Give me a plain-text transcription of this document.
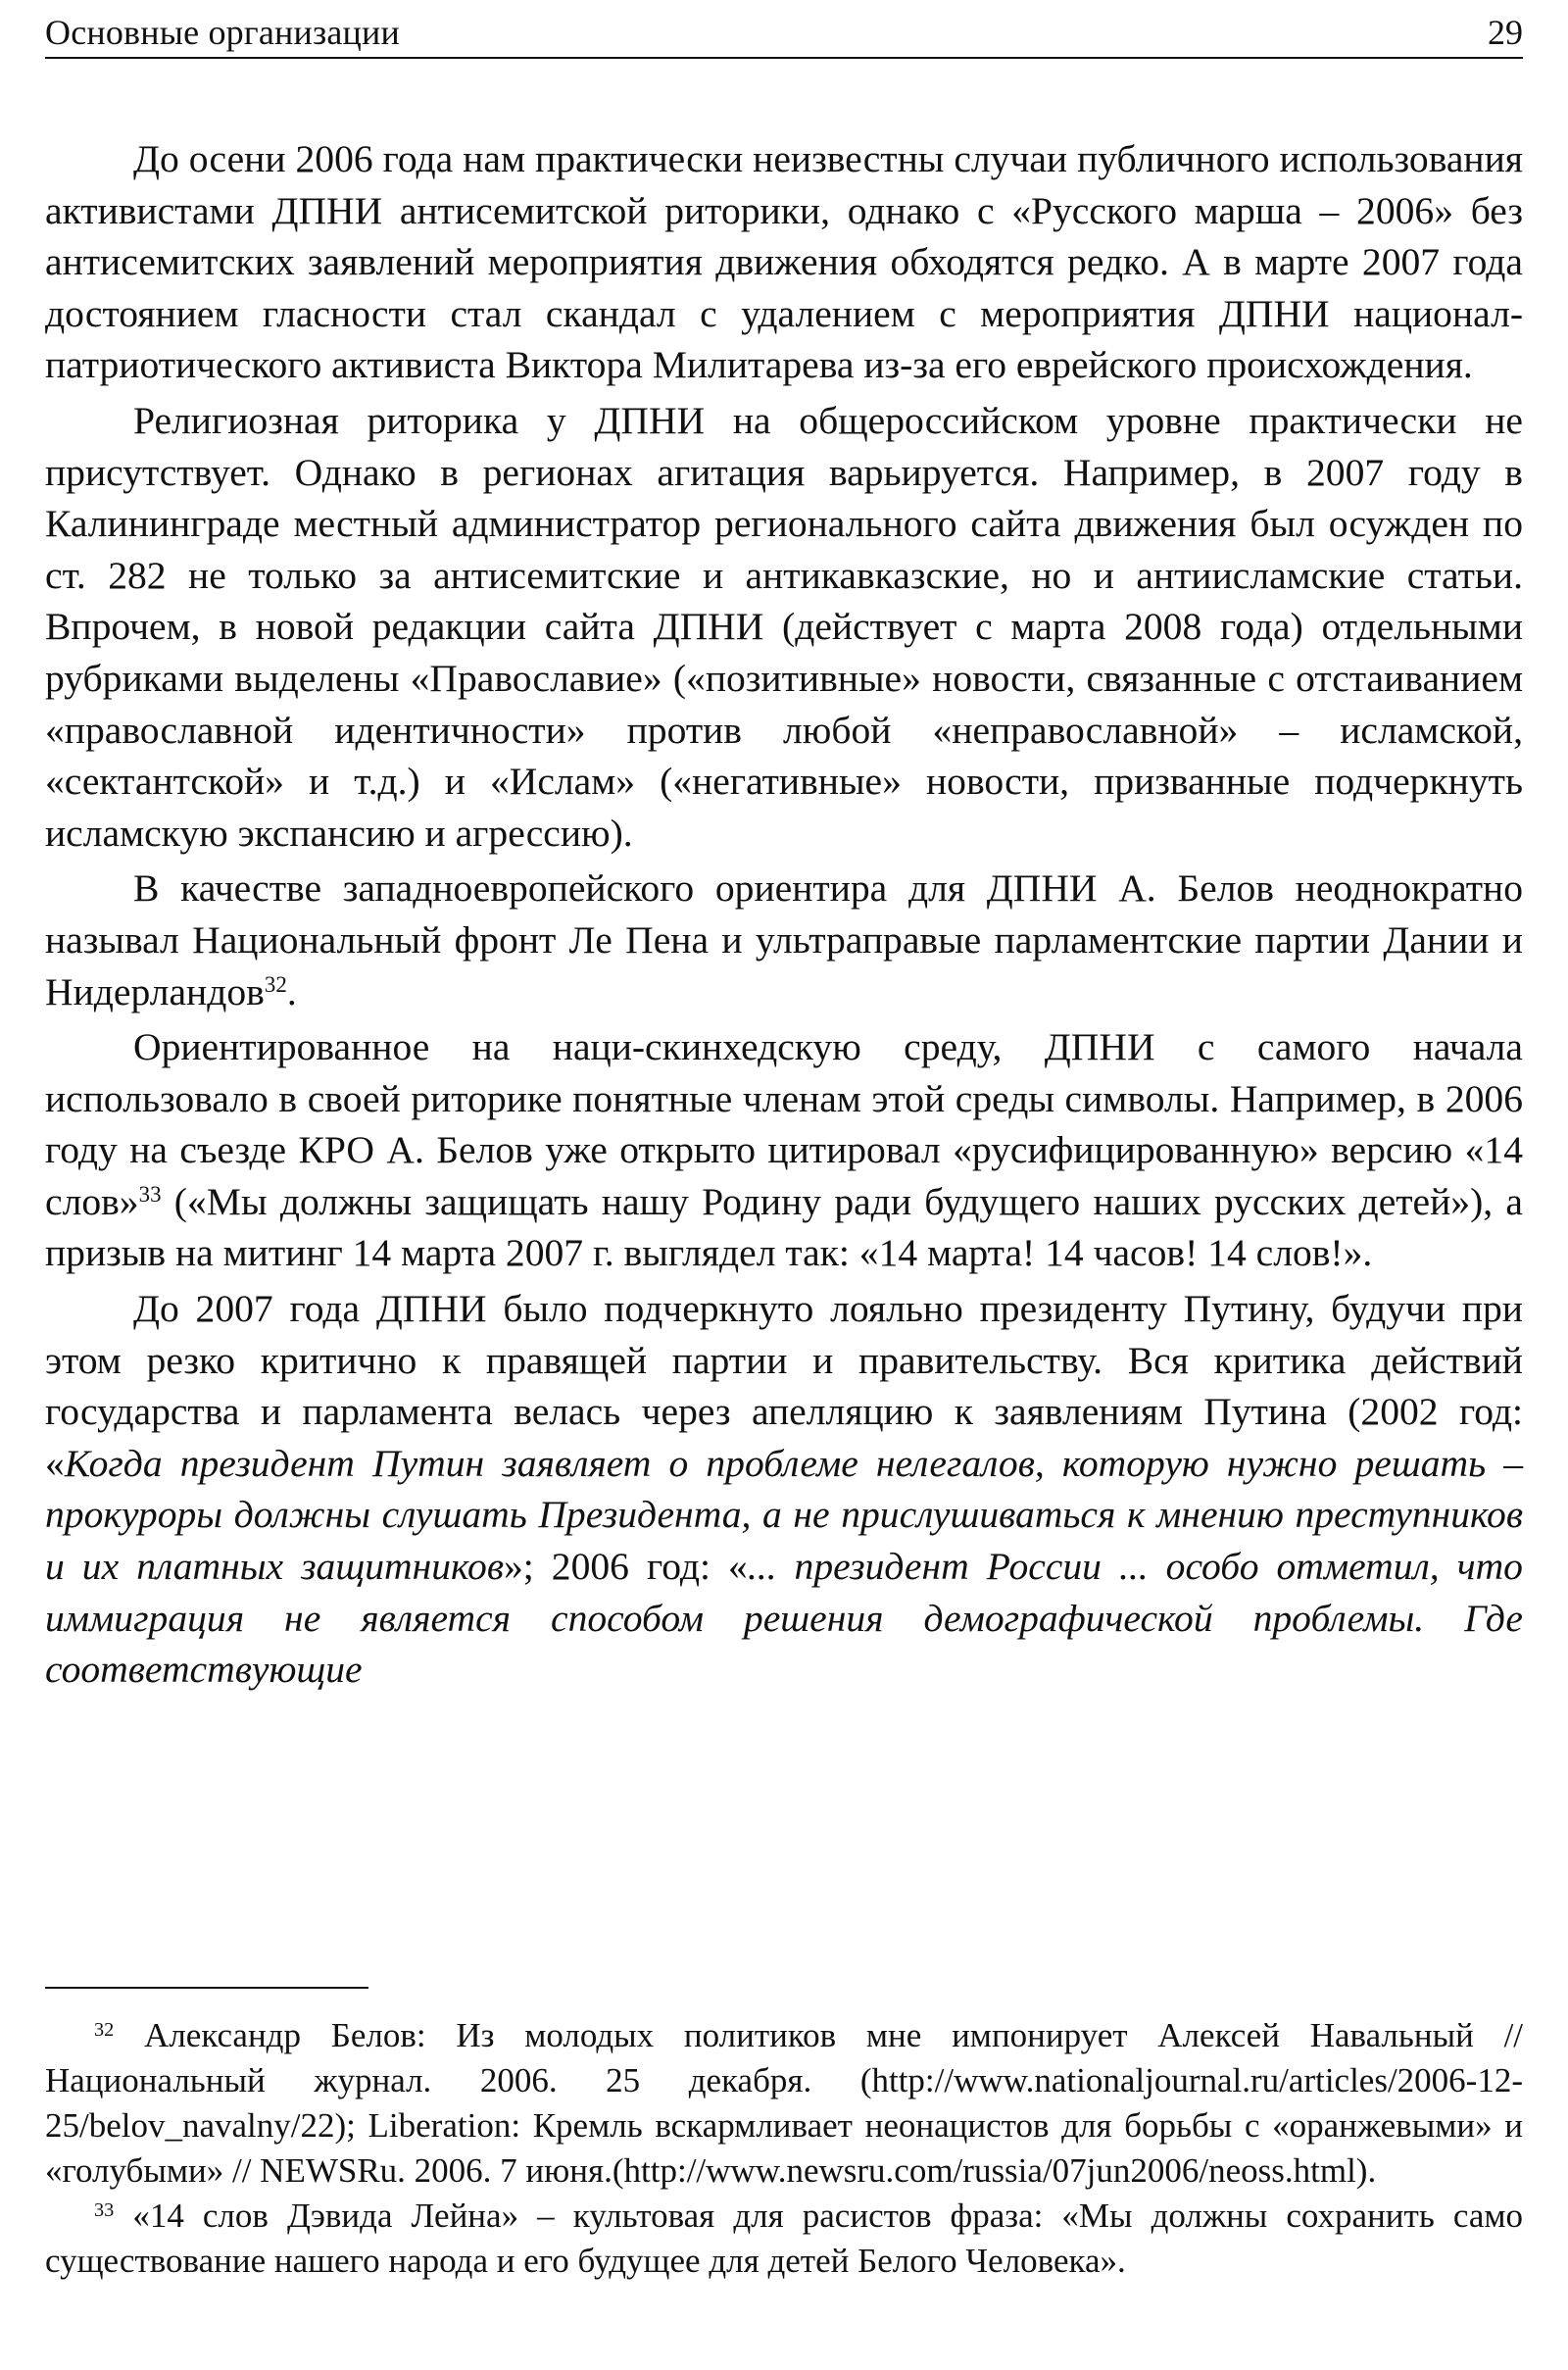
Основные организации	29

До осени 2006 года нам практически неизвестны случаи публичного использования активистами ДПНИ антисемитской риторики, однако с «Русского марша – 2006» без антисемитских заявлений мероприятия движения обходятся редко. А в марте 2007 года достоянием гласности стал скандал с удалением с мероприятия ДПНИ национал-патриотического активиста Виктора Милитарева из-за его еврейского происхождения.

Религиозная риторика у ДПНИ на общероссийском уровне практически не присутствует. Однако в регионах агитация варьируется. Например, в 2007 году в Калининграде местный администратор регионального сайта движения был осужден по ст. 282 не только за антисемитские и антикавказские, но и антиисламские статьи. Впрочем, в новой редакции сайта ДПНИ (действует с марта 2008 года) отдельными рубриками выделены «Православие» («позитивные» новости, связанные с отстаиванием «православной идентичности» против любой «неправославной» – исламской, «сектантской» и т.д.) и «Ислам» («негативные» новости, призванные подчеркнуть исламскую экспансию и агрессию).

В качестве западноевропейского ориентира для ДПНИ А. Белов неоднократно называл Национальный фронт Ле Пена и ультраправые парламентские партии Дании и Нидерландов$^{32}$.

Ориентированное на наци-скинхедскую среду, ДПНИ с самого начала использовало в своей риторике понятные членам этой среды символы. Например, в 2006 году на съезде КРО А. Белов уже открыто цитировал «русифицированную» версию «14 слов»$^{33}$ («Мы должны защищать нашу Родину ради будущего наших русских детей»), а призыв на митинг 14 марта 2007 г. выглядел так: «14 марта! 14 часов! 14 слов!».

До 2007 года ДПНИ было подчеркнуто лояльно президенту Путину, будучи при этом резко критично к правящей партии и правительству. Вся критика действий государства и парламента велась через апелляцию к заявлениям Путина (2002 год: «Когда президент Путин заявляет о проблеме нелегалов, которую нужно решать – прокуроры должны слушать Президента, а не прислушиваться к мнению преступников и их платных защитников»; 2006 год: «... президент России ... особо отметил, что иммиграция не является способом решения демографической проблемы. Где соответствующие

$^{32}$ Александр Белов: Из молодых политиков мне импонирует Алексей Навальный // Национальный журнал. 2006. 25 декабря. (http://www.nationaljournal.ru/articles/2006-12-25/belov_navalny/22); Liberation: Кремль вскармливает неонацистов для борьбы с «оранжевыми» и «голубыми» // NEWSRu. 2006. 7 июня.(http://www.newsru.com/russia/07jun2006/neoss.html).

$^{33}$ «14 слов Дэвида Лейна» – культовая для расистов фраза: «Мы должны сохранить само существование нашего народа и его будущее для детей Белого Человека».
